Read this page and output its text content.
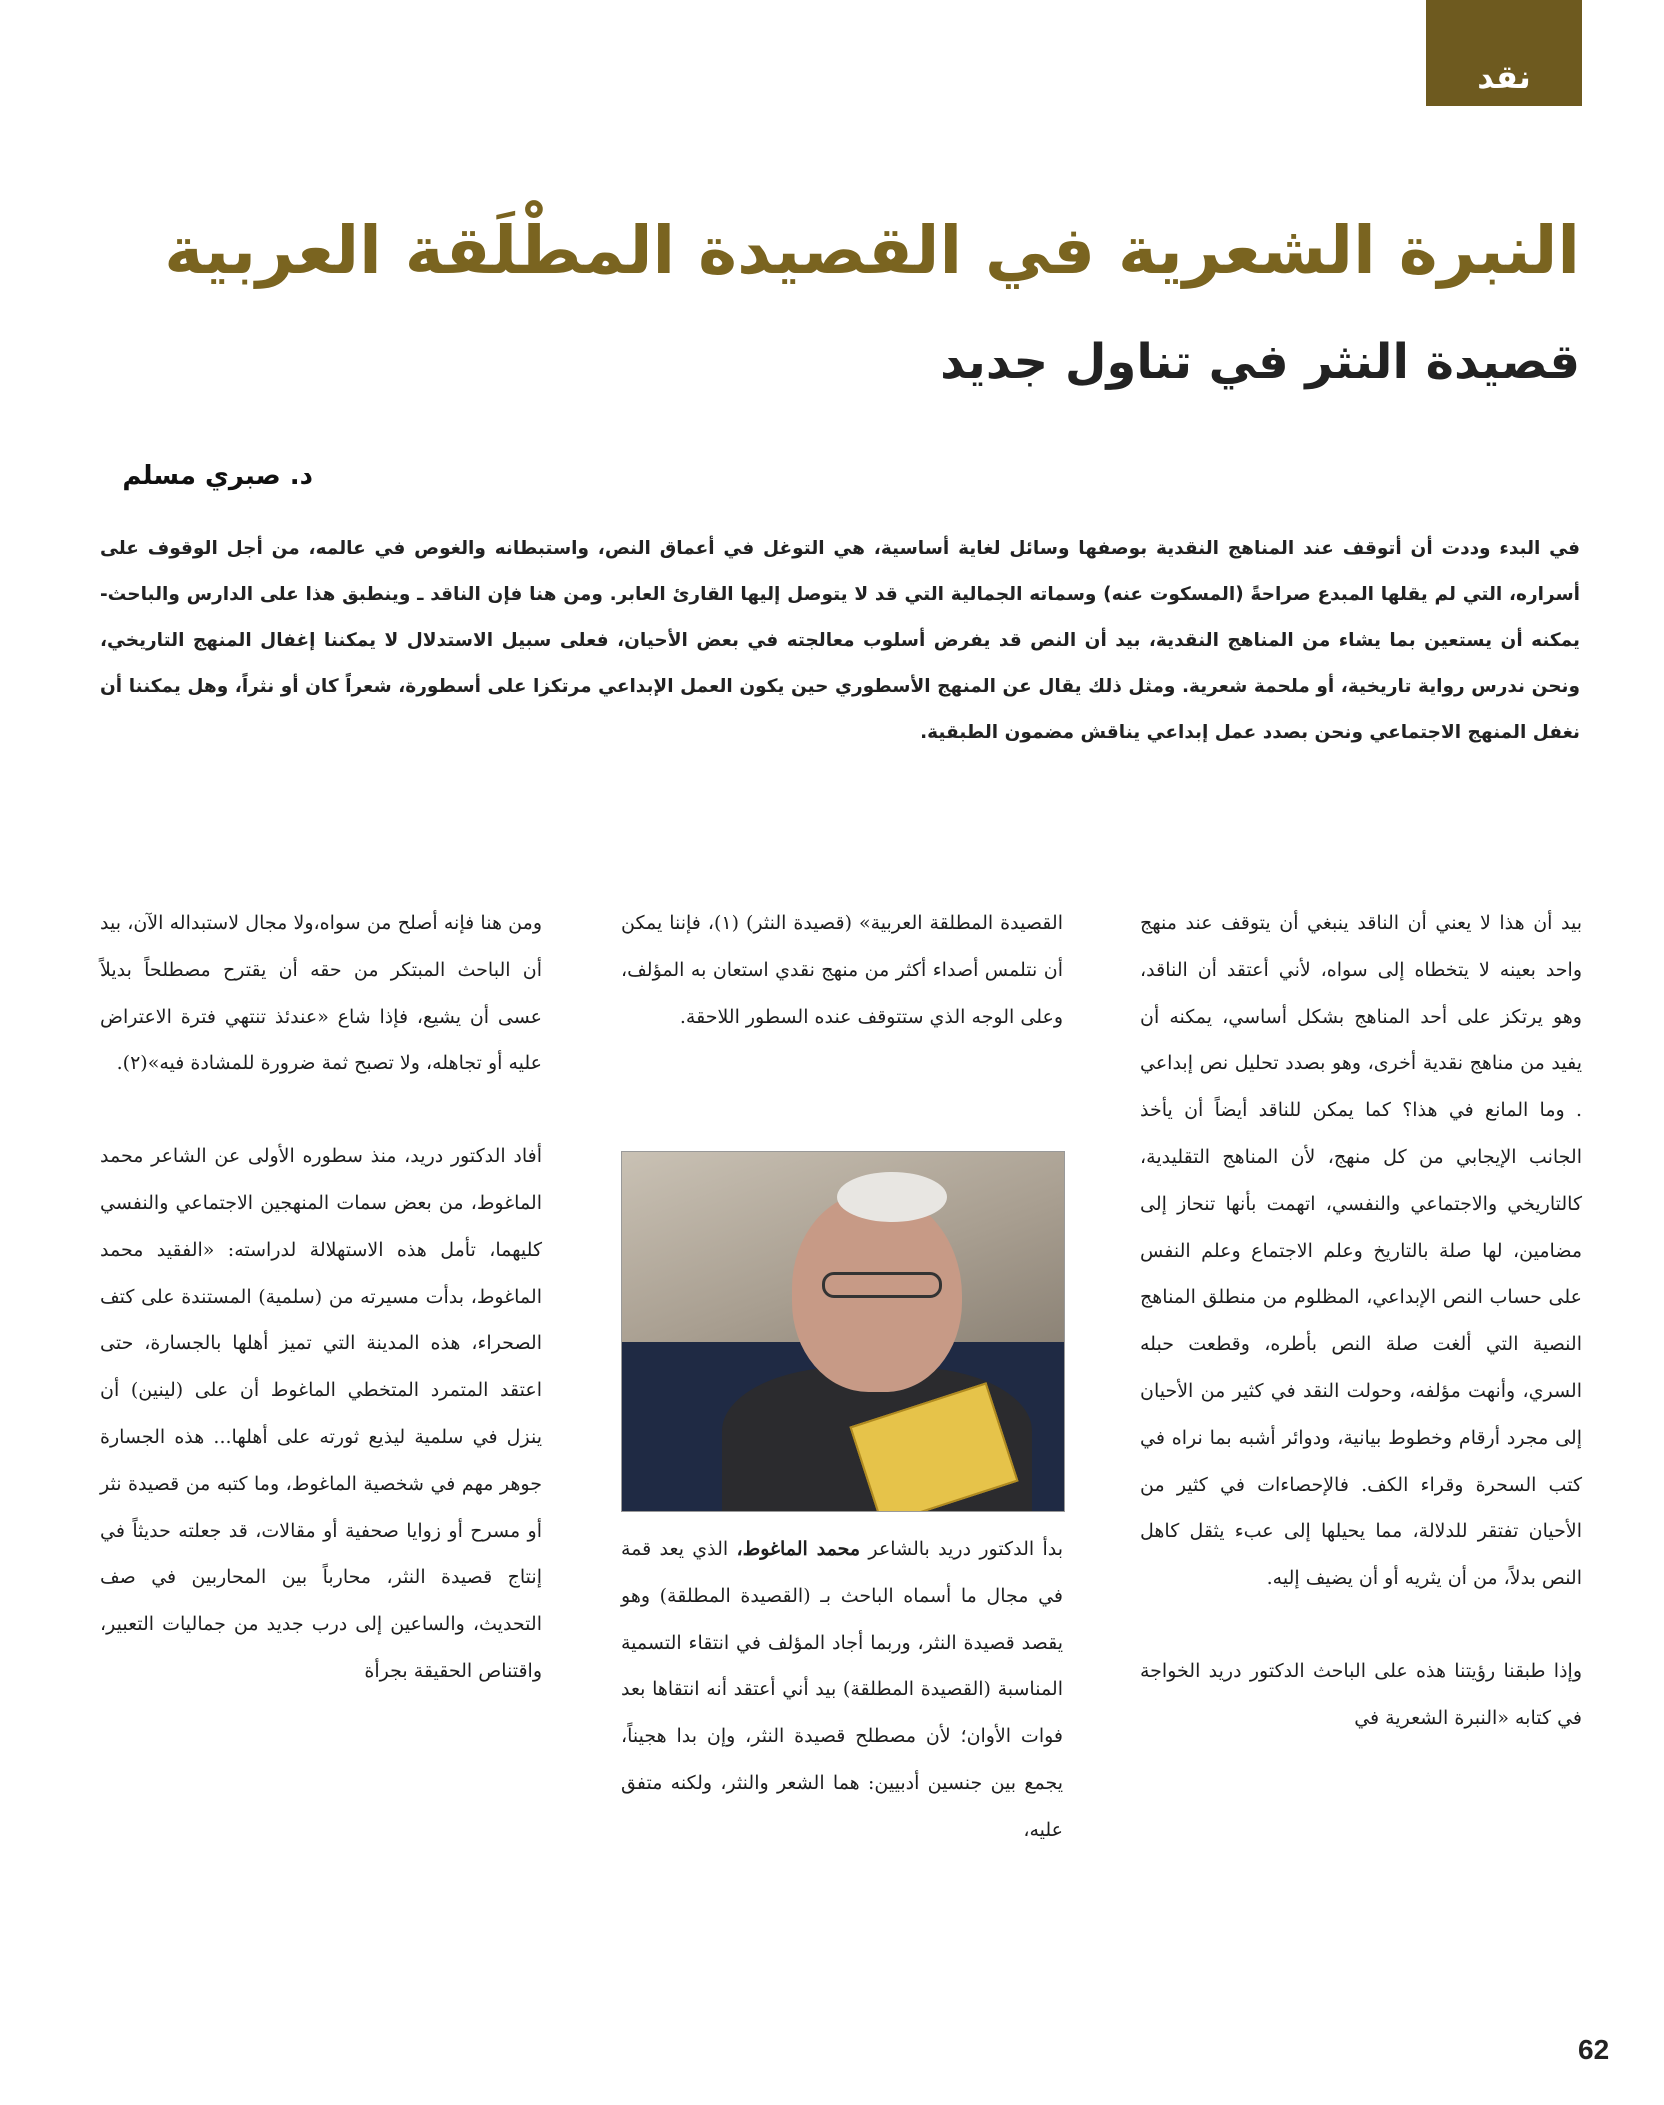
نقد
النبرة الشعرية في القصيدة المطْلَقة العربية
قصيدة النثر في تناول جديد
د. صبري مسلم

في البدء وددت أن أتوقف عند المناهج النقدية بوصفها وسائل لغاية أساسية، هي التوغل في أعماق النص، واستبطانه والغوص في عالمه، من أجل الوقوف على أسراره، التي لم يقلها المبدع صراحةً (المسكوت عنه) وسماته الجمالية التي قد لا يتوصل إليها القارئ العابر. ومن هنا فإن الناقد ـ وينطبق هذا على الدارس والباحث- يمكنه أن يستعين بما يشاء من المناهج النقدية، بيد أن النص قد يفرض أسلوب معالجته في بعض الأحيان، فعلى سبيل الاستدلال لا يمكننا إغفال المنهج التاريخي، ونحن ندرس رواية تاريخية، أو ملحمة شعرية. ومثل ذلك يقال عن المنهج الأسطوري حين يكون العمل الإبداعي مرتكزا على أسطورة، شعراً كان أو نثراً، وهل يمكننا أن نغفل المنهج الاجتماعي ونحن بصدد عمل إبداعي يناقش مضمون الطبقية.

بيد أن هذا لا يعني أن الناقد ينبغي أن يتوقف عند منهج واحد بعينه لا يتخطاه إلى سواه، لأني أعتقد أن الناقد، وهو يرتكز على أحد المناهج بشكل أساسي، يمكنه أن يفيد من مناهج نقدية أخرى، وهو بصدد تحليل نص إبداعي . وما المانع في هذا؟ كما يمكن للناقد أيضاً أن يأخذ الجانب الإيجابي من كل منهج، لأن المناهج التقليدية، كالتاريخي والاجتماعي والنفسي، اتهمت بأنها تنحاز إلى مضامين، لها صلة بالتاريخ وعلم الاجتماع وعلم النفس على حساب النص الإبداعي، المظلوم من منطلق المناهج النصية التي ألغت صلة النص بأطره، وقطعت حبله السري، وأنهت مؤلفه، وحولت النقد في كثير من الأحيان إلى مجرد أرقام وخطوط بيانية، ودوائر أشبه بما نراه في كتب السحرة وقراء الكف. فالإحصاءات في كثير من الأحيان تفتقر للدلالة، مما يحيلها إلى عبء يثقل كاهل النص بدلاً، من أن يثريه أو أن يضيف إليه.

وإذا طبقنا رؤيتنا هذه على الباحث الدكتور دريد الخواجة في كتابه «النبرة الشعرية في

القصيدة المطلقة العربية» (قصيدة النثر) (١)، فإننا يمكن أن نتلمس أصداء أكثر من منهج نقدي استعان به المؤلف، وعلى الوجه الذي ستتوقف عنده السطور اللاحقة.

بدأ الدكتور دريد بالشاعر محمد الماغوط، الذي يعد قمة في مجال ما أسماه الباحث بـ (القصيدة المطلقة) وهو يقصد قصيدة النثر، وربما أجاد المؤلف في انتقاء التسمية المناسبة (القصيدة المطلقة) بيد أني أعتقد أنه انتقاها بعد فوات الأوان؛ لأن مصطلح قصيدة النثر، وإن بدا هجيناً، يجمع بين جنسين أدبيين: هما الشعر والنثر، ولكنه متفق عليه،

ومن هنا فإنه أصلح من سواه،ولا مجال لاستبداله الآن، بيد أن الباحث المبتكر من حقه أن يقترح مصطلحاً بديلاً عسى أن يشيع، فإذا شاع «عندئذ تنتهي فترة الاعتراض عليه أو تجاهله، ولا تصبح ثمة ضرورة للمشادة فيه»(٢).

أفاد الدكتور دريد، منذ سطوره الأولى عن الشاعر محمد الماغوط، من بعض سمات المنهجين الاجتماعي والنفسي كليهما، تأمل هذه الاستهلالة لدراسته: «الفقيد محمد الماغوط، بدأت مسيرته من (سلمية) المستندة على كتف الصحراء، هذه المدينة التي تميز أهلها بالجسارة، حتى اعتقد المتمرد المتخطي الماغوط أن على (لينين) أن ينزل في سلمية ليذيع ثورته على أهلها... هذه الجسارة جوهر مهم في شخصية الماغوط، وما كتبه من قصيدة نثر أو مسرح أو زوايا صحفية أو مقالات، قد جعلته حديثاً في إنتاج قصيدة النثر، محارباً بين المحاربين في صف التحديث، والساعين إلى درب جديد من جماليات التعبير، واقتناص الحقيقة بجرأة

62
